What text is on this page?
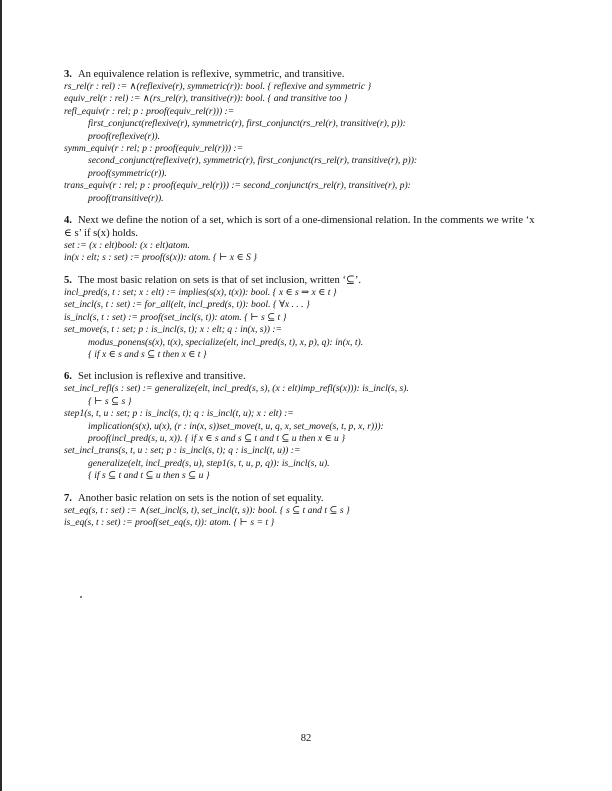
3. An equivalence relation is reflexive, symmetric, and transitive.

rs_rel(r : rel) := ∧(reflexive(r), symmetric(r)): bool. { reflexive and symmetric }
equiv_rel(r : rel) := ∧(rs_rel(r), transitive(r)): bool. { and transitive too }
refl_equiv(r : rel; p : proof(equiv_rel(r))) :=
first_conjunct(reflexive(r), symmetric(r), first_conjunct(rs_rel(r), transitive(r), p)):
proof(reflexive(r)).
symm_equiv(r : rel; p : proof(equiv_rel(r))) :=
second_conjunct(reflexive(r), symmetric(r), first_conjunct(rs_rel(r), transitive(r), p)):
proof(symmetric(r)).
trans_equiv(r : rel; p : proof(equiv_rel(r))) := second_conjunct(rs_rel(r), transitive(r), p):
proof(transitive(r)).

4. Next we define the notion of a set, which is sort of a one-dimensional relation. In the comments we write ‘x ∈ s’ if s(x) holds.

set := (x : elt)bool: (x : elt)atom.
in(x : elt; s : set) := proof(s(x)): atom. { ⊢ x ∈ S }

5. The most basic relation on sets is that of set inclusion, written ‘⊆’.

incl_pred(s, t : set; x : elt) := implies(s(x), t(x)): bool. { x ∈ s ⇒ x ∈ t }
set_incl(s, t : set) := for_all(elt, incl_pred(s, t)): bool. { ∀x . . . }
is_incl(s, t : set) := proof(set_incl(s, t)): atom. { ⊢ s ⊆ t }
set_move(s, t : set; p : is_incl(s, t); x : elt; q : in(x, s)) :=
modus_ponens(s(x), t(x), specialize(elt, incl_pred(s, t), x, p), q): in(x, t).
{ if x ∈ s and s ⊆ t then x ∈ t }

6. Set inclusion is reflexive and transitive.

set_incl_refl(s : set) := generalize(elt, incl_pred(s, s), (x : elt)imp_refl(s(x))): is_incl(s, s).
{ ⊢ s ⊆ s }
step1(s, t, u : set; p : is_incl(s, t); q : is_incl(t, u); x : elt) :=
implication(s(x), u(x), (r : in(x, s))set_move(t, u, q, x, set_move(s, t, p, x, r))):
proof(incl_pred(s, u, x)). { if x ∈ s and s ⊆ t and t ⊆ u then x ∈ u }
set_incl_trans(s, t, u : set; p : is_incl(s, t); q : is_incl(t, u)) :=
generalize(elt, incl_pred(s, u), step1(s, t, u, p, q)): is_incl(s, u).
{ if s ⊆ t and t ⊆ u then s ⊆ u }

7. Another basic relation on sets is the notion of set equality.

set_eq(s, t : set) := ∧(set_incl(s, t), set_incl(t, s)): bool. { s ⊆ t and t ⊆ s }
is_eq(s, t : set) := proof(set_eq(s, t)): atom. { ⊢ s = t }
82
